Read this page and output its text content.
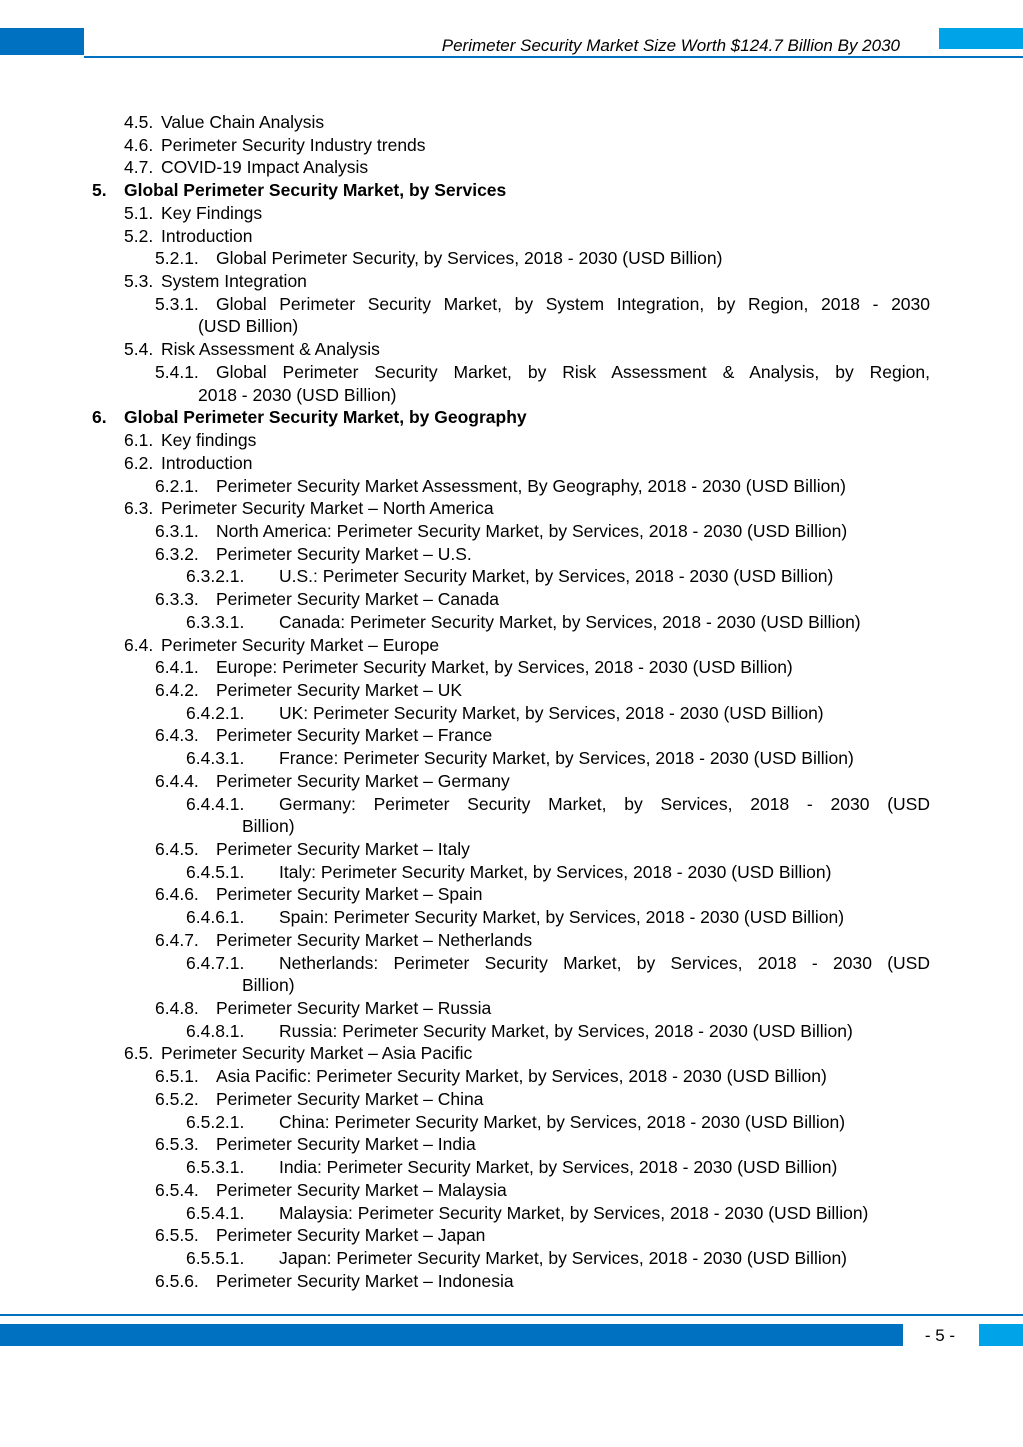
Perimeter Security Market Size Worth $124.7 Billion By 2030
4.5. Value Chain Analysis
4.6. Perimeter Security Industry trends
4.7. COVID-19 Impact Analysis
5. Global Perimeter Security Market, by Services
5.1. Key Findings
5.2. Introduction
5.2.1. Global Perimeter Security, by Services, 2018 - 2030 (USD Billion)
5.3. System Integration
5.3.1. Global Perimeter Security Market, by System Integration, by Region, 2018 - 2030
(USD Billion)
5.4. Risk Assessment & Analysis
5.4.1. Global Perimeter Security Market, by Risk Assessment & Analysis, by Region,
2018 - 2030 (USD Billion)
6. Global Perimeter Security Market, by Geography
6.1. Key findings
6.2. Introduction
6.2.1. Perimeter Security Market Assessment, By Geography, 2018 - 2030 (USD Billion)
6.3. Perimeter Security Market – North America
6.3.1. North America: Perimeter Security Market, by Services, 2018 - 2030 (USD Billion)
6.3.2. Perimeter Security Market – U.S.
6.3.2.1. U.S.: Perimeter Security Market, by Services, 2018 - 2030 (USD Billion)
6.3.3. Perimeter Security Market – Canada
6.3.3.1. Canada: Perimeter Security Market, by Services, 2018 - 2030 (USD Billion)
6.4. Perimeter Security Market – Europe
6.4.1. Europe: Perimeter Security Market, by Services, 2018 - 2030 (USD Billion)
6.4.2. Perimeter Security Market – UK
6.4.2.1. UK: Perimeter Security Market, by Services, 2018 - 2030 (USD Billion)
6.4.3. Perimeter Security Market – France
6.4.3.1. France: Perimeter Security Market, by Services, 2018 - 2030 (USD Billion)
6.4.4. Perimeter Security Market – Germany
6.4.4.1. Germany: Perimeter Security Market, by Services, 2018 - 2030 (USD
Billion)
6.4.5. Perimeter Security Market – Italy
6.4.5.1. Italy: Perimeter Security Market, by Services, 2018 - 2030 (USD Billion)
6.4.6. Perimeter Security Market – Spain
6.4.6.1. Spain: Perimeter Security Market, by Services, 2018 - 2030 (USD Billion)
6.4.7. Perimeter Security Market – Netherlands
6.4.7.1. Netherlands: Perimeter Security Market, by Services, 2018 - 2030 (USD
Billion)
6.4.8. Perimeter Security Market – Russia
6.4.8.1. Russia: Perimeter Security Market, by Services, 2018 - 2030 (USD Billion)
6.5. Perimeter Security Market – Asia Pacific
6.5.1. Asia Pacific: Perimeter Security Market, by Services, 2018 - 2030 (USD Billion)
6.5.2. Perimeter Security Market – China
6.5.2.1. China: Perimeter Security Market, by Services, 2018 - 2030 (USD Billion)
6.5.3. Perimeter Security Market – India
6.5.3.1. India: Perimeter Security Market, by Services, 2018 - 2030 (USD Billion)
6.5.4. Perimeter Security Market – Malaysia
6.5.4.1. Malaysia: Perimeter Security Market, by Services, 2018 - 2030 (USD Billion)
6.5.5. Perimeter Security Market – Japan
6.5.5.1. Japan: Perimeter Security Market, by Services, 2018 - 2030 (USD Billion)
6.5.6. Perimeter Security Market – Indonesia
- 5 -
